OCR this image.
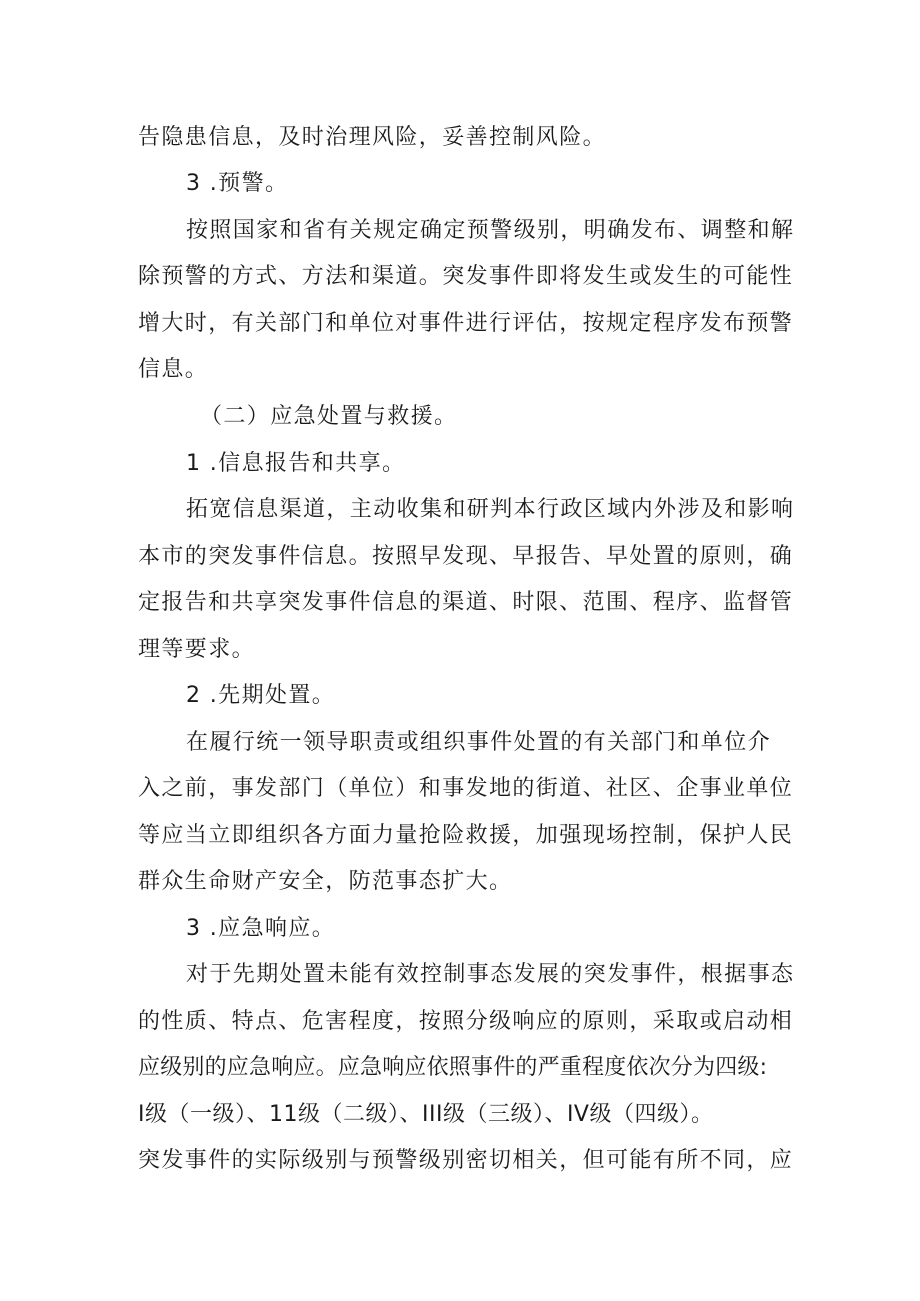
告隐患信息，及时治理风险，妥善控制风险。
3 .预警。
按照国家和省有关规定确定预警级别，明确发布、调整和解
除预警的方式、方法和渠道。突发事件即将发生或发生的可能性
增大时，有关部门和单位对事件进行评估，按规定程序发布预警
信息。
（二）应急处置与救援。
1 .信息报告和共享。
拓宽信息渠道，主动收集和研判本行政区域内外涉及和影响
本市的突发事件信息。按照早发现、早报告、早处置的原则，确
定报告和共享突发事件信息的渠道、时限、范围、程序、监督管
理等要求。
2 .先期处置。
在履行统一领导职责或组织事件处置的有关部门和单位介
入之前，事发部门（单位）和事发地的街道、社区、企事业单位
等应当立即组织各方面力量抢险救援，加强现场控制，保护人民
群众生命财产安全，防范事态扩大。
3 .应急响应。
对于先期处置未能有效控制事态发展的突发事件，根据事态
的性质、特点、危害程度，按照分级响应的原则，采取或启动相
应级别的应急响应。应急响应依照事件的严重程度依次分为四级:
I级（一级）、11级（二级）、III级（三级）、IV级（四级）。
突发事件的实际级别与预警级别密切相关，但可能有所不同，应
